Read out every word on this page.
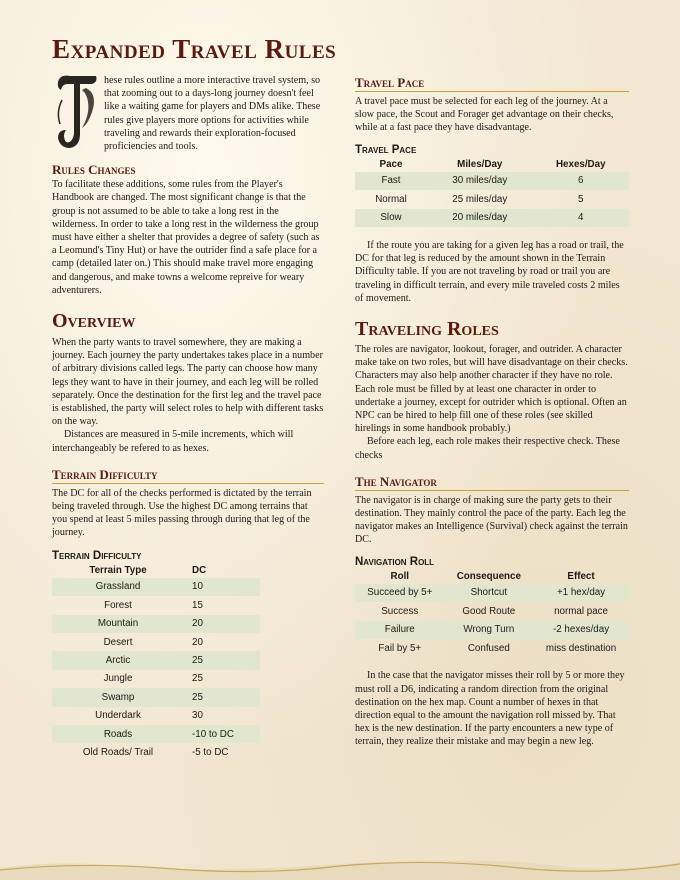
Expanded Travel Rules

hese rules outline a more interactive travel system, so that zooming out to a days-long journey doesn't feel like a waiting game for players and DMs alike. These rules give players more options for activities while traveling and rewards their exploration-focused proficiencies and tools.

Rules Changes

To facilitate these additions, some rules from the Player's Handbook are changed. The most significant change is that the group is not assumed to be able to take a long rest in the wilderness. In order to take a long rest in the wilderness the group must have either a shelter that provides a degree of safety (such as a Leomund's Tiny Hut) or have the outrider find a safe place for a camp (detailed later on.) This should make travel more engaging and dangerous, and make towns a welcome repreive for weary adventurers.

Overview

When the party wants to travel somewhere, they are making a journey. Each journey the party undertakes takes place in a number of arbitrary divisions called legs. The party can choose how many legs they want to have in their journey, and each leg will be rolled separately. Once the destination for the first leg and the travel pace is established, the party will select roles to help with different tasks on the way.

Distances are measured in 5-mile increments, which will interchangeably be refered to as hexes.

Terrain Difficulty

The DC for all of the checks performed is dictated by the terrain being traveled through. Use the highest DC among terrains that you spend at least 5 miles passing through during that leg of the journey.

Terrain Difficulty
Terrain Type	DC
Grassland	10
Forest	15
Mountain	20
Desert	20
Arctic	25
Jungle	25
Swamp	25
Underdark	30
Roads	-10 to DC
Old Roads/ Trail	-5 to DC
Travel Pace

A travel pace must be selected for each leg of the journey. At a slow pace, the Scout and Forager get advantage on their checks, while at a fast pace they have disadvantage.

Travel Pace
Pace	Miles/Day	Hexes/Day
Fast	30 miles/day	6
Normal	25 miles/day	5
Slow	20 miles/day	4

If the route you are taking for a given leg has a road or trail, the DC for that leg is reduced by the amount shown in the Terrain Difficulty table. If you are not traveling by road or trail you are traveling in difficult terrain, and every mile traveled costs 2 miles of movement.

Traveling Roles

The roles are navigator, lookout, forager, and outrider. A character make take on two roles, but will have disadvantage on their checks. Characters may also help another character if they have no role. Each role must be filled by at least one character in order to undertake a journey, except for outrider which is optional. Often an NPC can be hired to help fill one of these roles (see skilled hirelings in some handbook probably.)

Before each leg, each role makes their respective check. These checks

The Navigator

The navigator is in charge of making sure the party gets to their destination. They mainly control the pace of the party. Each leg the navigator makes an Intelligence (Survival) check against the terrain DC.

Navigation Roll
Roll	Consequence	Effect
Succeed by 5+	Shortcut	+1 hex/day
Success	Good Route	normal pace
Failure	Wrong Turn	-2 hexes/day
Fail by 5+	Confused	miss destination

In the case that the navigator misses their roll by 5 or more they must roll a D6, indicating a random direction from the original destination on the hex map. Count a number of hexes in that direction equal to the amount the navigation roll missed by. That hex is the new destination. If the party encounters a new type of terrain, they realize their mistake and may begin a new leg.
